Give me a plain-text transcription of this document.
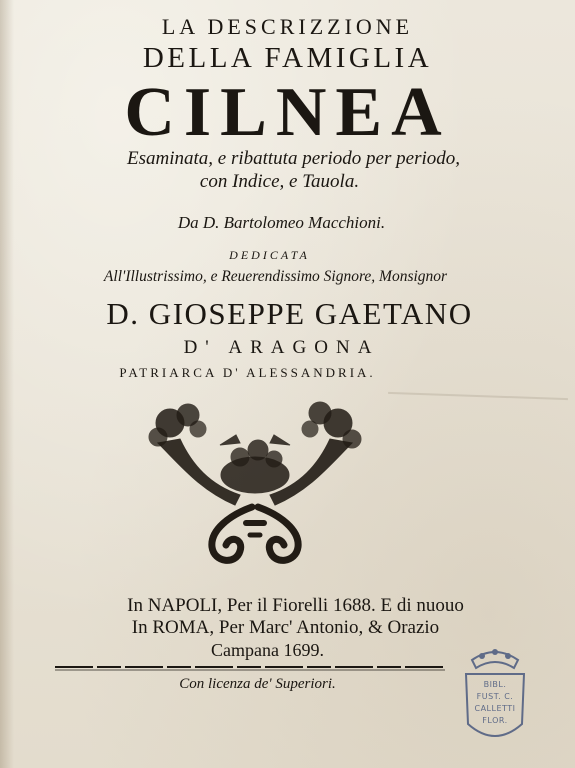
LA DESCRIZZIONE
DELLA FAMIGLIA
CILNEA
Esaminata, e ribattuta periodo per periodo,
con Indice, e Tauola.
Da D. Bartolomeo Macchioni.
DEDICATA
All'Illustrissimo, e Reuerendissimo Signore, Monsignor
D. GIOSEPPE GAETANO
D' ARAGONA
PATRIARCA D' ALESSANDRIA.
In NAPOLI, Per il Fiorelli 1688. E di nuouo
In ROMA, Per Marc' Antonio, & Orazio
Campana 1699.
Con licenza de' Superiori.	BIBL.
FUST. C.
CALLETTI
FLOR.
